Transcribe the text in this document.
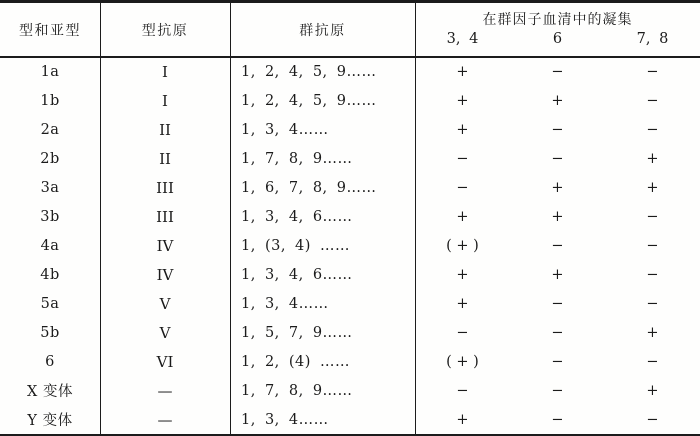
型和亚型	型抗原	群抗原
在群因子血清中的凝集
3, 4	6	7, 8
1a	I	1, 2, 4, 5, 9……	+	−	−
1b	I	1, 2, 4, 5, 9……	+	+	−
2a	II	1, 3, 4……	+	−	−
2b	II	1, 7, 8, 9……	−	−	+
3a	III	1, 6, 7, 8, 9……	−	+	+
3b	III	1, 3, 4, 6……	+	+	−
4a	IV	1, (3, 4) ……	( + )	−	−
4b	IV	1, 3, 4, 6……	+	+	−
5a	V	1, 3, 4……	+	−	−
5b	V	1, 5, 7, 9……	−	−	+
6	VI	1, 2, (4) ……	( + )	−	−
X 变体	—	1, 7, 8, 9……	−	−	+
Y 变体	—	1, 3, 4……	+	−	−
